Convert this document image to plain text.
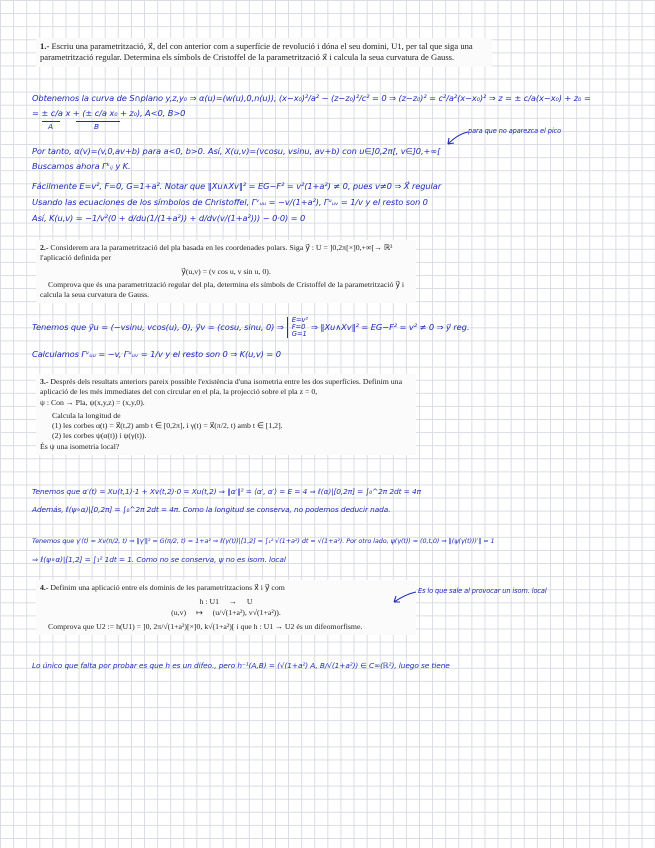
1.- Escriu una parametrització, x⃗, del con anterior com a superfície de revolució i dóna el seu domini, U1, per tal que siga una parametrització regular. Determina els símbols de Cristoffel de la parametrització x⃗ i calcula la seua curvatura de Gauss.

Obtenemos la curva de S∩plano y,z,y₀ ⇒ α(u)=(w(u),0,n(u)), (x−x₀)²/a² − (z−z₀)²/c² = 0 ⇒ (z−z₀)² = c²/a²(x−x₀)² ⇒ z = ± c/a(x−x₀) + z₀ =
= ± c/a x + (± c/a x₀ + z₀), A<0, B>0
A	B	para que no aparezca el pico
Por tanto, α(v)=(v,0,av+b) para a<0, b>0. Así, X(u,v)=(vcosu, vsinu, av+b) con u∈]0,2π[, v∈]0,+∞[
Buscamos ahora Γᵏᵢⱼ y K.
Fácilmente E=v², F=0, G=1+a². Notar que ‖Xu∧Xv‖² = EG−F² = v²(1+a²) ≠ 0, pues v≠0 ⇒ X⃗ regular
Usando las ecuaciones de los símbolos de Christoffel, Γᵛᵤᵤ = −v/(1+a²), Γᵘᵤᵥ = 1/v y el resto son 0
Así, K(u,v) = −1/v²(0 + d/du(1/(1+a²)) + d/dv(v/(1+a²))) − 0·0) = 0

2.- Considerem ara la parametrització del pla basada en les coordenades polars. Siga y⃗ : U = ]0,2π[×]0,+∞[→ ℝ³ l'aplicació definida per

y⃗(u,v) = (v cos u, v sin u, 0).

Comprova que és una parametrització regular del pla, determina els símbols de Cristoffel de la parametrització y⃗ i calcula la seua curvatura de Gauss.

Tenemos que y⃗u = (−vsinu, vcos(u), 0), y⃗v = (cosu, sinu, 0) ⇒
E=v²
F=0
G=1
⇒ ‖Xu∧Xv‖² = EG−F² = v² ≠ 0 ⇒ y⃗ reg.
Calculamos Γᵛᵤᵤ = −v, Γᵘᵤᵥ = 1/v y el resto son 0 ⇒ K(u,v) = 0

3.- Després dels resultats anteriors pareix possible l'existència d'una isometria entre les dos superfícies. Definim una aplicació de les més immediates del con circular en el pla, la projecció sobre el pla z = 0,

ψ : Con → Pla, ψ(x,y,z) = (x,y,0).

Calcula la longitud de

(1) les corbes α(t) = x⃗(t,2) amb t ∈ [0,2π], i γ(t) = x⃗(π/2, t) amb t ∈ [1,2].

(2) les corbes ψ(α(t)) i ψ(γ(t)).

És ψ una isometria local?

Tenemos que α′(t) = Xu(t,1)·1 + Xv(t,2)·0 = Xu(t,2) ⇒ ‖α′‖² = ⟨α′, α′⟩ = E = 4 ⇒ ℓ(α)|[0,2π] = ∫₀^2π 2dt = 4π
Además, ℓ(ψ∘α)|[0,2π] = ∫₀^2π 2dt = 4π. Como la longitud se conserva, no podemos deducir nada.
Tenemos que γ′(t) = Xv(π/2, t) ⇒ ‖γ′‖² = G(π/2, t) = 1+a² ⇒ ℓ(γ(t))|[1,2] = ∫₁² √(1+a²) dt = √(1+a²). Por otro lado, ψ(γ(t)) = (0,t,0) ⇒ ‖(ψ(γ(t)))′‖ = 1
⇒ ℓ(ψ∘α)|[1,2] = ∫₁² 1dt = 1. Como no se conserva, ψ no es isom. local

4.- Definim una aplicació entre els dominis de les parametritzacions x⃗ i y⃗ com

h : U1 → U
(u,v) ↦ (u/√(1+a²), v√(1+a²)).

Comprova que U2 := h(U1) = ]0, 2π/√(1+a²)[×]0, k√(1+a²)[ i que h : U1 → U2 és un difeomorfisme.

Es lo que sale al provocar un isom. local
Lo único que falta por probar es que h es un difeo., pero h⁻¹(A,B) = (√(1+a²) A, B/√(1+a²)) ∈ C∞(ℝ²), luego se tiene
